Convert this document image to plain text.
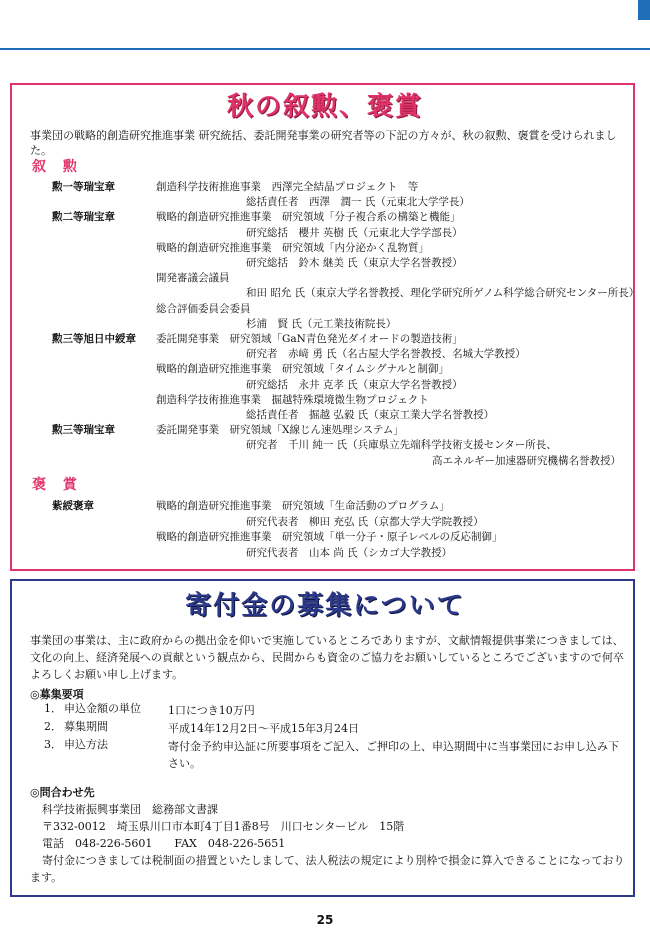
秋の叙勲、褒賞
事業団の戦略的創造研究推進事業 研究統括、委託開発事業の研究者等の下記の方々が、秋の叙勲、褒賞を受けられました。
叙 勲
勲一等瑞宝章	創造科学技術推進事業　西澤完全結晶プロジェクト　等
総括責任者　西澤　潤一 氏（元東北大学学長）
勲二等瑞宝章	戦略的創造研究推進事業　研究領域「分子複合系の構築と機能」
研究総括　櫻井 英樹 氏（元東北大学学部長）
戦略的創造研究推進事業　研究領域「内分泌かく乱物質」
研究総括　鈴木 継美 氏（東京大学名誉教授）
開発審議会議員
和田 昭允 氏（東京大学名誉教授、理化学研究所ゲノム科学総合研究センター所長）
総合評価委員会委員
杉浦　賢 氏（元工業技術院長）
勲三等旭日中綬章 委託開発事業　研究領域「GaN青色発光ダイオードの製造技術」
研究者　赤﨑 勇 氏（名古屋大学名誉教授、名城大学教授）
戦略的創造研究推進事業　研究領域「タイムシグナルと制御」
研究総括　永井 克孝 氏（東京大学名誉教授）
創造科学技術推進事業　掘越特殊環境微生物プロジェクト
総括責任者　掘越 弘毅 氏（東京工業大学名誉教授）
勲三等瑞宝章	委託開発事業　研究領域「X線じん速処理システム」
研究者　千川 純一 氏（兵庫県立先端科学技術支援センター所長、
高エネルギー加速器研究機構名誉教授）
褒 賞
紫綬褒章	戦略的創造研究推進事業　研究領域「生命活動のプログラム」
研究代表者　柳田 充弘 氏（京都大学大学院教授）
戦略的創造研究推進事業　研究領域「単一分子・原子レベルの反応制御」
研究代表者　山本 尚 氏（シカゴ大学教授）
寄付金の募集について
事業団の事業は、主に政府からの拠出金を仰いで実施しているところでありますが、文献情報提供事業につきましては、文化の向上、経済発展への貢献という観点から、民間からも資金のご協力をお願いしているところでございますので何卒よろしくお願い申し上げます。
◎募集要項
1． 申込金額の単位 1口につき10万円
2． 募集期間	平成14年12月2日～平成15年3月24日
3． 申込方法	寄付金予約申込証に所要事項をご記入、ご押印の上、申込期間中に当事業団にお申し込み下さい。
◎問合わせ先
科学技術振興事業団　総務部文書課
〒332-0012　埼玉県川口市本町4丁目1番8号　川口センタービル　15階
電話　048-226-5601　　FAX　048-226-5651
寄付金につきましては税制面の措置といたしまして、法人税法の規定により別枠で損金に算入できることになっております。
25
